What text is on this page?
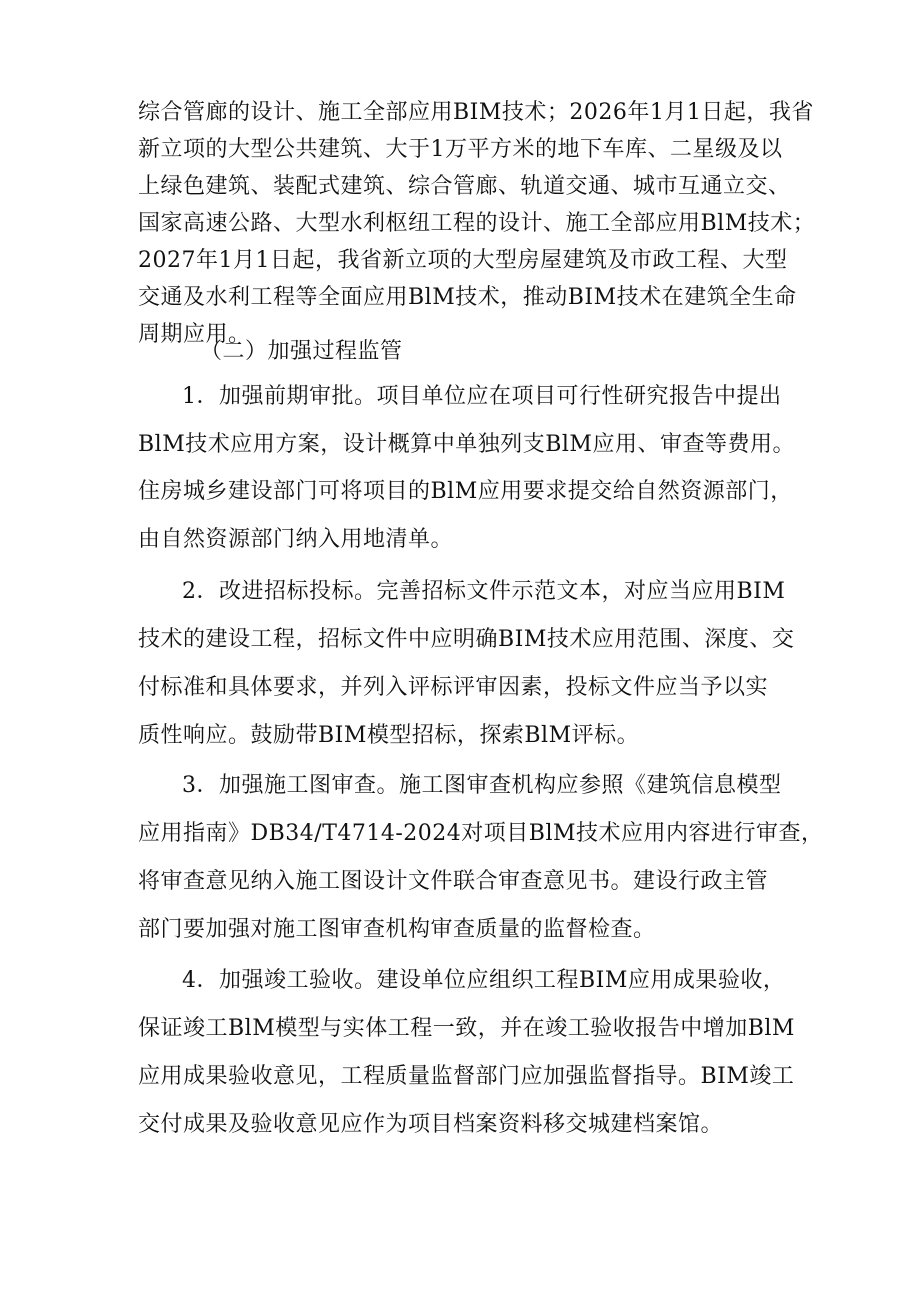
综合管廊的设计、施工全部应用BIM技术；2026年1月1日起，我省
新立项的大型公共建筑、大于1万平方米的地下车库、二星级及以
上绿色建筑、装配式建筑、综合管廊、轨道交通、城市互通立交、
国家高速公路、大型水利枢纽工程的设计、施工全部应用BlM技术；
2027年1月1日起，我省新立项的大型房屋建筑及市政工程、大型
交通及水利工程等全面应用BlM技术，推动BIM技术在建筑全生命
周期应用。
（二）加强过程监管
1．加强前期审批。项目单位应在项目可行性研究报告中提出
BlM技术应用方案，设计概算中单独列支BlM应用、审查等费用。
住房城乡建设部门可将项目的BlM应用要求提交给自然资源部门，
由自然资源部门纳入用地清单。
2．改进招标投标。完善招标文件示范文本，对应当应用BIM
技术的建设工程，招标文件中应明确BIM技术应用范围、深度、交
付标准和具体要求，并列入评标评审因素，投标文件应当予以实
质性响应。鼓励带BIM模型招标，探索BlM评标。
3．加强施工图审查。施工图审查机构应参照《建筑信息模型
应用指南》DB34/T4714-2024对项目BlM技术应用内容进行审查，
将审查意见纳入施工图设计文件联合审查意见书。建设行政主管
部门要加强对施工图审查机构审查质量的监督检查。
4．加强竣工验收。建设单位应组织工程BIM应用成果验收，
保证竣工BlM模型与实体工程一致，并在竣工验收报告中增加BlM
应用成果验收意见，工程质量监督部门应加强监督指导。BIM竣工
交付成果及验收意见应作为项目档案资料移交城建档案馆。
